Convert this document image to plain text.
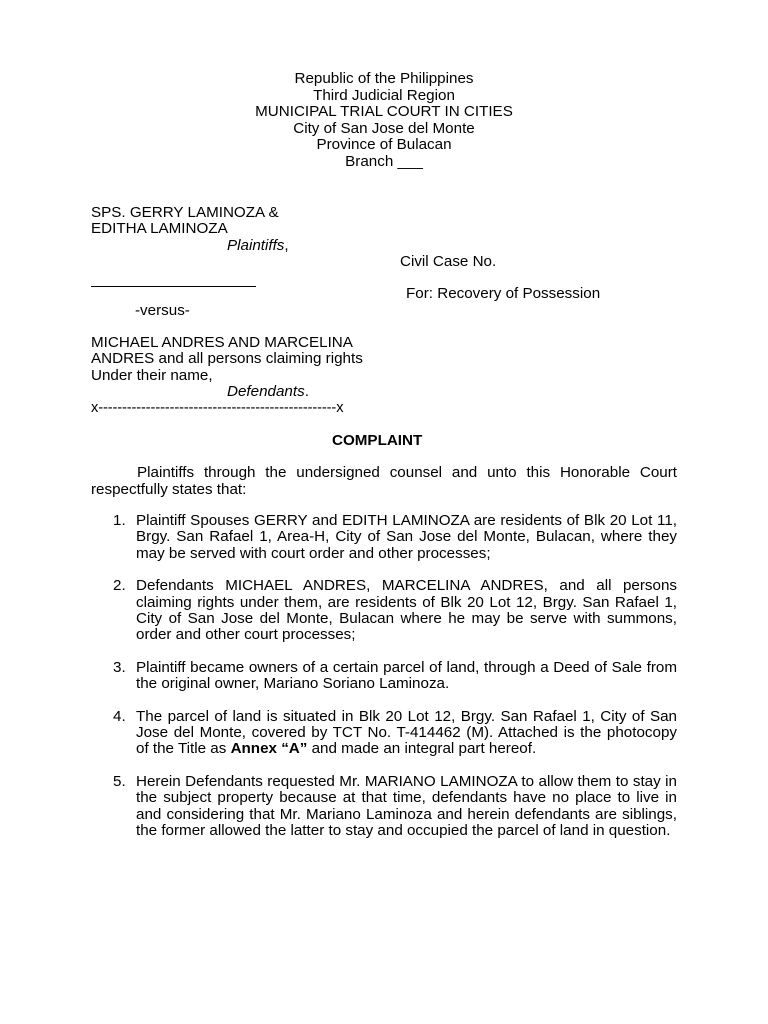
Republic of the Philippines
Third Judicial Region
MUNICIPAL TRIAL COURT IN CITIES
City of San Jose del Monte
Province of Bulacan
Branch ___
SPS. GERRY LAMINOZA &
EDITHA LAMINOZA
Plaintiffs,
Civil Case No.
For: Recovery of Possession
-versus-
MICHAEL ANDRES AND MARCELINA
ANDRES and all persons claiming rights
Under their name,
Defendants.
x--------------------------------------------------x
COMPLAINT
Plaintiffs through the undersigned counsel and unto this Honorable Court respectfully states that:
1. Plaintiff Spouses GERRY and EDITH LAMINOZA are residents of Blk 20 Lot 11, Brgy. San Rafael 1, Area-H, City of San Jose del Monte, Bulacan, where they may be served with court order and other processes;
2. Defendants MICHAEL ANDRES, MARCELINA ANDRES, and all persons claiming rights under them, are residents of Blk 20 Lot 12, Brgy. San Rafael 1, City of San Jose del Monte, Bulacan where he may be serve with summons, order and other court processes;
3. Plaintiff became owners of a certain parcel of land, through a Deed of Sale from the original owner, Mariano Soriano Laminoza.
4. The parcel of land is situated in Blk 20 Lot 12, Brgy. San Rafael 1, City of San Jose del Monte, covered by TCT No. T-414462 (M). Attached is the photocopy of the Title as Annex “A” and made an integral part hereof.
5. Herein Defendants requested Mr. MARIANO LAMINOZA to allow them to stay in the subject property because at that time, defendants have no place to live in and considering that Mr. Mariano Laminoza and herein defendants are siblings, the former allowed the latter to stay and occupied the parcel of land in question.
